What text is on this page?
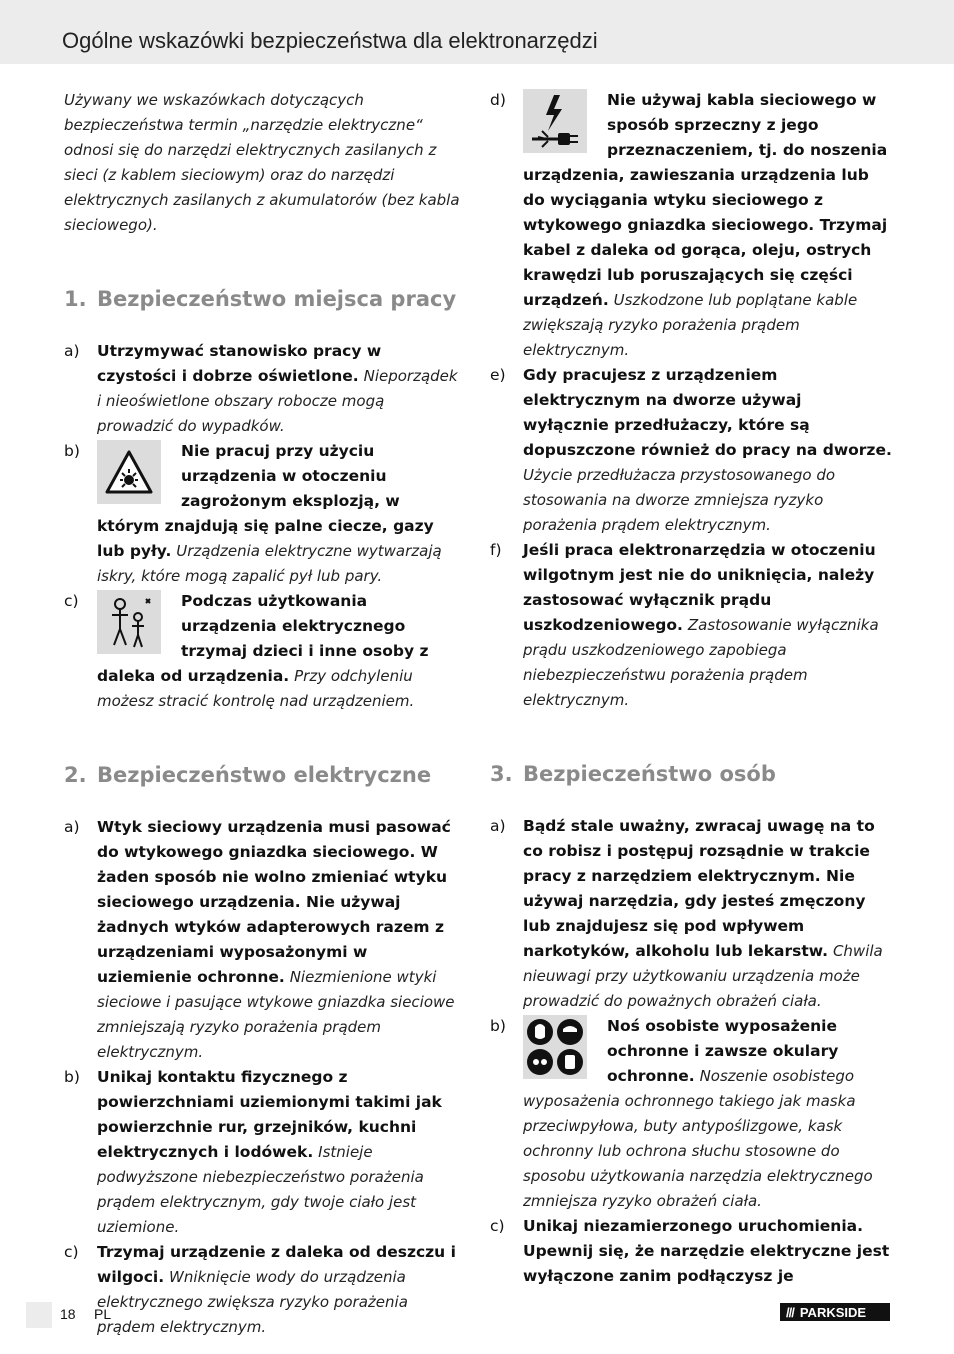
Ogólne wskazówki bezpieczeństwa dla elektronarzędzi

Używany we wskazówkach dotyczących bezpieczeństwa termin „narzędzie elektryczne“ odnosi się do narzędzi elektrycznych zasilanych z sieci (z kablem sieciowym) oraz do narzędzi elektrycznych zasilanych z akumulatorów (bez kabla sieciowego).

1. Bezpieczeństwo miejsca pracy
a) Utrzymywać stanowisko pracy w czystości i dobrze oświetlone. Nieporządek i nieoświetlone obszary robocze mogą prowadzić do wypadków.
b)	Nie pracuj przy użyciu urządzenia w otoczeniu zagrożonym eksplozją, w którym znajdują się palne ciecze, gazy lub pyły. Urządzenia elektryczne wytwarzają iskry, które mogą zapalić pył lub pary.
c)	Podczas użytkowania urządzenia elektrycznego trzymaj dzieci i inne osoby z daleka od urządzenia. Przy odchyleniu możesz stracić kontrolę nad urządzeniem.
2. Bezpieczeństwo elektryczne
a) Wtyk sieciowy urządzenia musi pasować do wtykowego gniazdka sieciowego. W żaden sposób nie wolno zmieniać wtyku sieciowego urządzenia. Nie używaj żadnych wtyków adapterowych razem z urządzeniami wyposażonymi w uziemienie ochronne. Niezmienione wtyki sieciowe i pasujące wtykowe gniazdka sieciowe zmniejszają ryzyko porażenia prądem elektrycznym.
b) Unikaj kontaktu fizycznego z powierzchniami uziemionymi takimi jak powierzchnie rur, grzejników, kuchni elektrycznych i lodówek. Istnieje podwyższone niebezpieczeństwo porażenia prądem elektrycznym, gdy twoje ciało jest uziemione.
c) Trzymaj urządzenie z daleka od deszczu i wilgoci. Wniknięcie wody do urządzenia elektrycznego zwiększa ryzyko porażenia prądem elektrycznym.
d)	Nie używaj kabla sieciowego w sposób sprzeczny z jego przeznaczeniem, tj. do noszenia urządzenia, zawieszania urządzenia lub do wyciągania wtyku sieciowego z wtykowego gniazdka sieciowego. Trzymaj kabel z daleka od gorąca, oleju, ostrych krawędzi lub poruszających się części urządzeń. Uszkodzone lub poplątane kable zwiększają ryzyko porażenia prądem elektrycznym.
e) Gdy pracujesz z urządzeniem elektrycznym na dworze używaj wyłącznie przedłużaczy, które są dopuszczone również do pracy na dworze. Użycie przedłużacza przystosowanego do stosowania na dworze zmniejsza ryzyko porażenia prądem elektrycznym.
f) Jeśli praca elektronarzędzia w otoczeniu wilgotnym jest nie do uniknięcia, należy zastosować wyłącznik prądu uszkodzeniowego. Zastosowanie wyłącznika prądu uszkodzeniowego zapobiega niebezpieczeństwu porażenia prądem elektrycznym.
3. Bezpieczeństwo osób
a) Bądź stale uważny, zwracaj uwagę na to co robisz i postępuj rozsądnie w trakcie pracy z narzędziem elektrycznym. Nie używaj narzędzia, gdy jesteś zmęczony lub znajdujesz się pod wpływem narkotyków, alkoholu lub lekarstw. Chwila nieuwagi przy użytkowaniu urządzenia może prowadzić do poważnych obrażeń ciała.
b)	Noś osobiste wyposażenie ochronne i zawsze okulary ochronne. Noszenie osobistego wyposażenia ochronnego takiego jak maska przeciwpyłowa, buty antypoślizgowe, kask ochronny lub ochrona słuchu stosowne do sposobu użytkowania narzędzia elektrycznego zmniejsza ryzyko obrażeń ciała.
c) Unikaj niezamierzonego uruchomienia. Upewnij się, że narzędzie elektryczne jest wyłączone zanim podłączysz je
18 PL	/// PARKSIDE
